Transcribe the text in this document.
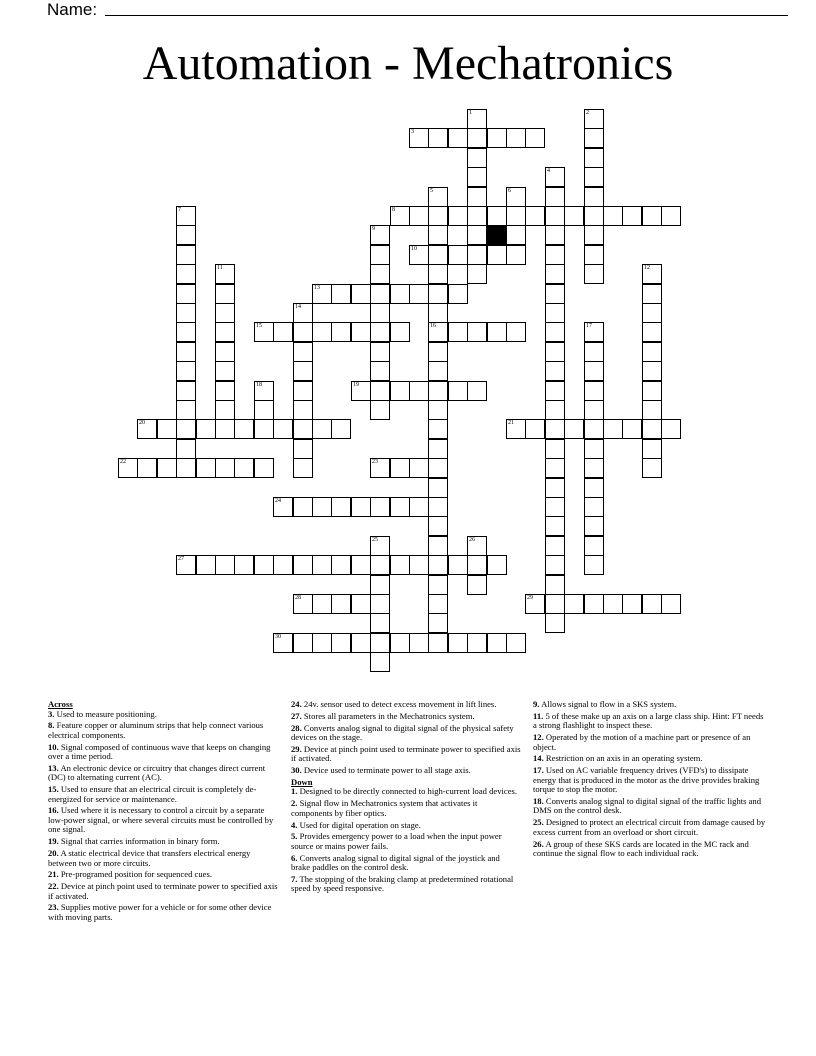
Name:
Automation - Mechatronics
3
8
10
13
15	16
19
20	21
22	23
24
27
28	29
30
1	2
4
5	6
7
9
11	12
14
17
18
25	26
Across
3. Used to measure positioning.
8. Feature copper or aluminum strips that help connect various electrical components.
10. Signal composed of continuous wave that keeps on changing over a time period.
13. An electronic device or circuitry that changes direct current (DC) to alternating current (AC).
15. Used to ensure that an electrical circuit is completely de-energized for service or maintenance.
16. Used where it is necessary to control a circuit by a separate low-power signal, or where several circuits must be controlled by one signal.
19. Signal that carries information in binary form.
20. A static electrical device that transfers electrical energy between two or more circuits.
21. Pre-programed position for sequenced cues.
22. Device at pinch point used to terminate power to specified axis if activated.
23. Supplies motive power for a vehicle or for some other device with moving parts.
24. 24v. sensor used to detect excess movement in lift lines.
27. Stores all parameters in the Mechatronics system.
28. Converts analog signal to digital signal of the physical safety devices on the stage.
29. Device at pinch point used to terminate power to specified axis if activated.
30. Device used to terminate power to all stage axis.
Down
1. Designed to be directly connected to high-current load devices.
2. Signal flow in Mechatronics system that activates it components by fiber optics.
4. Used for digital operation on stage.
5. Provides emergency power to a load when the input power source or mains power fails.
6. Converts analog signal to digital signal of the joystick and brake paddles on the control desk.
7. The stopping of the braking clamp at predetermined rotational speed by speed responsive.
9. Allows signal to flow in a SKS system.
11. 5 of these make up an axis on a large class ship. Hint: FT needs a strong flashlight to inspect these.
12. Operated by the motion of a machine part or presence of an object.
14. Restriction on an axis in an operating system.
17. Used on AC variable frequency drives (VFD's) to dissipate energy that is produced in the motor as the drive provides braking torque to stop the motor.
18. Converts analog signal to digital signal of the traffic lights and DMS on the control desk.
25. Designed to protect an electrical circuit from damage caused by excess current from an overload or short circuit.
26. A group of these SKS cards are located in the MC rack and continue the signal flow to each individual rack.
